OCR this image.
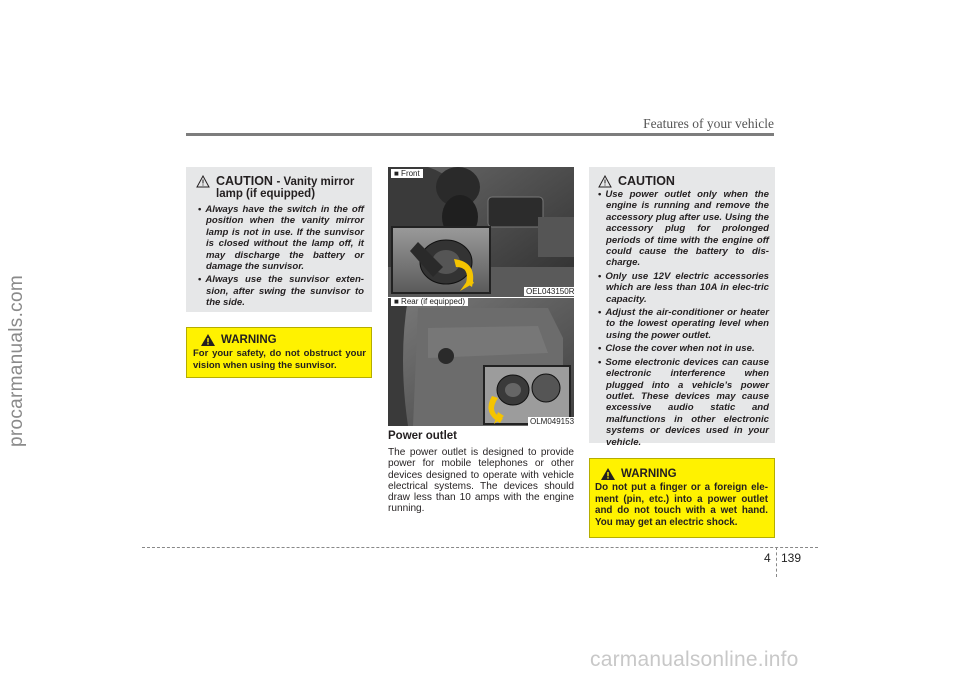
procarmanuals.com
Features of your vehicle
CAUTION - Vanity mirror
lamp (if equipped)
• Always have the switch in the off position when the vanity mirror lamp is not in use. If the sunvisor is closed without the lamp off, it may discharge the battery or damage the sunvisor.
• Always use the sunvisor exten-sion, after swing the sunvisor to the side.
WARNING
For your safety, do not obstruct your vision when using the sunvisor.
■ Front
OEL043150R
■ Rear (if equipped)
OLM049153
Power outlet
The power outlet is designed to provide power for mobile telephones or other devices designed to operate with vehicle electrical systems. The devices should draw less than 10 amps with the engine running.
CAUTION
• Use power outlet only when the engine is running and remove the accessory plug after use. Using the accessory plug for prolonged periods of time with the engine off could cause the battery to dis-charge.
• Only use 12V electric accessories which are less than 10A in elec-tric capacity.
• Adjust the air-conditioner or heater to the lowest operating level when using the power outlet.
• Close the cover when not in use.
• Some electronic devices can cause electronic interference when plugged into a vehicle’s power outlet. These devices may cause excessive audio static and malfunctions in other electronic systems or devices used in your vehicle.
WARNING
Do not put a finger or a foreign ele-ment (pin, etc.) into a power outlet and do not touch with a wet hand. You may get an electric shock.
4 139
carmanualsonline.info
